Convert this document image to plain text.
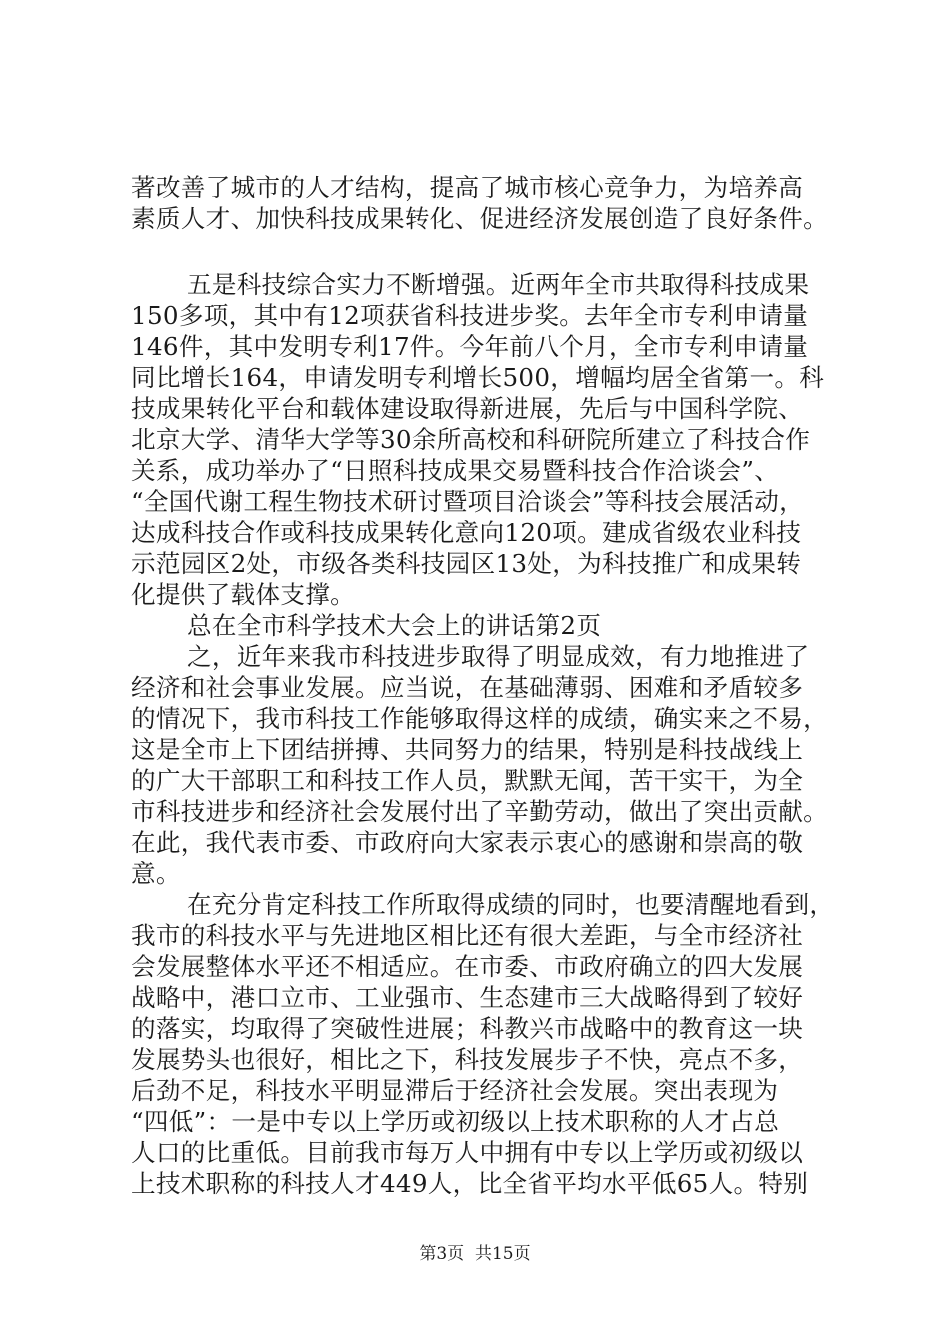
著改善了城市的人才结构，提高了城市核心竞争力，为培养高
素质人才、加快科技成果转化、促进经济发展创造了良好条件。
五是科技综合实力不断增强。近两年全市共取得科技成果
150多项，其中有12项获省科技进步奖。去年全市专利申请量
146件，其中发明专利17件。今年前八个月，全市专利申请量
同比增长164，申请发明专利增长500，增幅均居全省第一。科
技成果转化平台和载体建设取得新进展，先后与中国科学院、
北京大学、清华大学等30余所高校和科研院所建立了科技合作
关系，成功举办了“日照科技成果交易暨科技合作洽谈会”、
“全国代谢工程生物技术研讨暨项目洽谈会”等科技会展活动，
达成科技合作或科技成果转化意向120项。建成省级农业科技
示范园区2处，市级各类科技园区13处，为科技推广和成果转
化提供了载体支撑。
总在全市科学技术大会上的讲话第2页
之，近年来我市科技进步取得了明显成效，有力地推进了
经济和社会事业发展。应当说，在基础薄弱、困难和矛盾较多
的情况下，我市科技工作能够取得这样的成绩，确实来之不易，
这是全市上下团结拼搏、共同努力的结果，特别是科技战线上
的广大干部职工和科技工作人员，默默无闻，苦干实干，为全
市科技进步和经济社会发展付出了辛勤劳动，做出了突出贡献。
在此，我代表市委、市政府向大家表示衷心的感谢和崇高的敬
意。
在充分肯定科技工作所取得成绩的同时，也要清醒地看到，
我市的科技水平与先进地区相比还有很大差距，与全市经济社
会发展整体水平还不相适应。在市委、市政府确立的四大发展
战略中，港口立市、工业强市、生态建市三大战略得到了较好
的落实，均取得了突破性进展；科教兴市战略中的教育这一块
发展势头也很好，相比之下，科技发展步子不快，亮点不多，
后劲不足，科技水平明显滞后于经济社会发展。突出表现为
“四低”：一是中专以上学历或初级以上技术职称的人才占总
人口的比重低。目前我市每万人中拥有中专以上学历或初级以
上技术职称的科技人才449人，比全省平均水平低65人。特别
第3页  共15页
